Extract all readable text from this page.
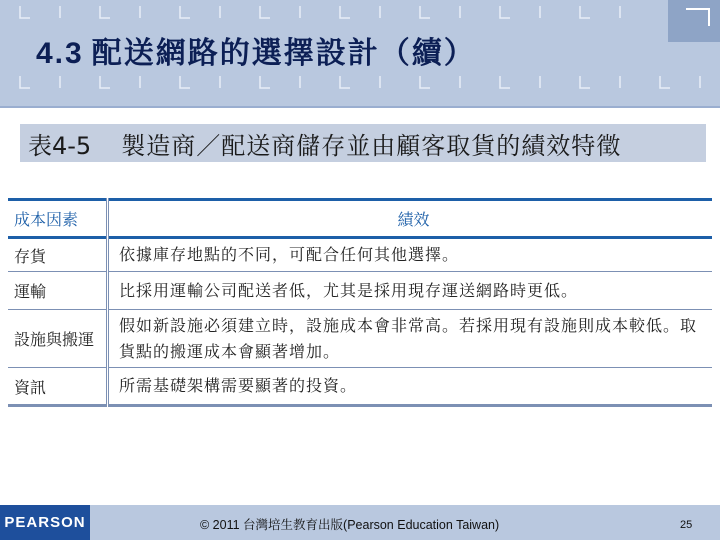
4.3 配送網路的選擇設計（續）
表4-5 製造商／配送商儲存並由顧客取貨的績效特徵
成本因素	績效
存貨	依據庫存地點的不同，可配合任何其他選擇。
運輸	比採用運輸公司配送者低，尤其是採用現存運送網路時更低。
設施與搬運	假如新設施必須建立時，設施成本會非常高。若採用現有設施則成本較低。取貨點的搬運成本會顯著增加。
資訊	所需基礎架構需要顯著的投資。
PEARSON	© 2011 台灣培生教育出版(Pearson Education Taiwan)	25
